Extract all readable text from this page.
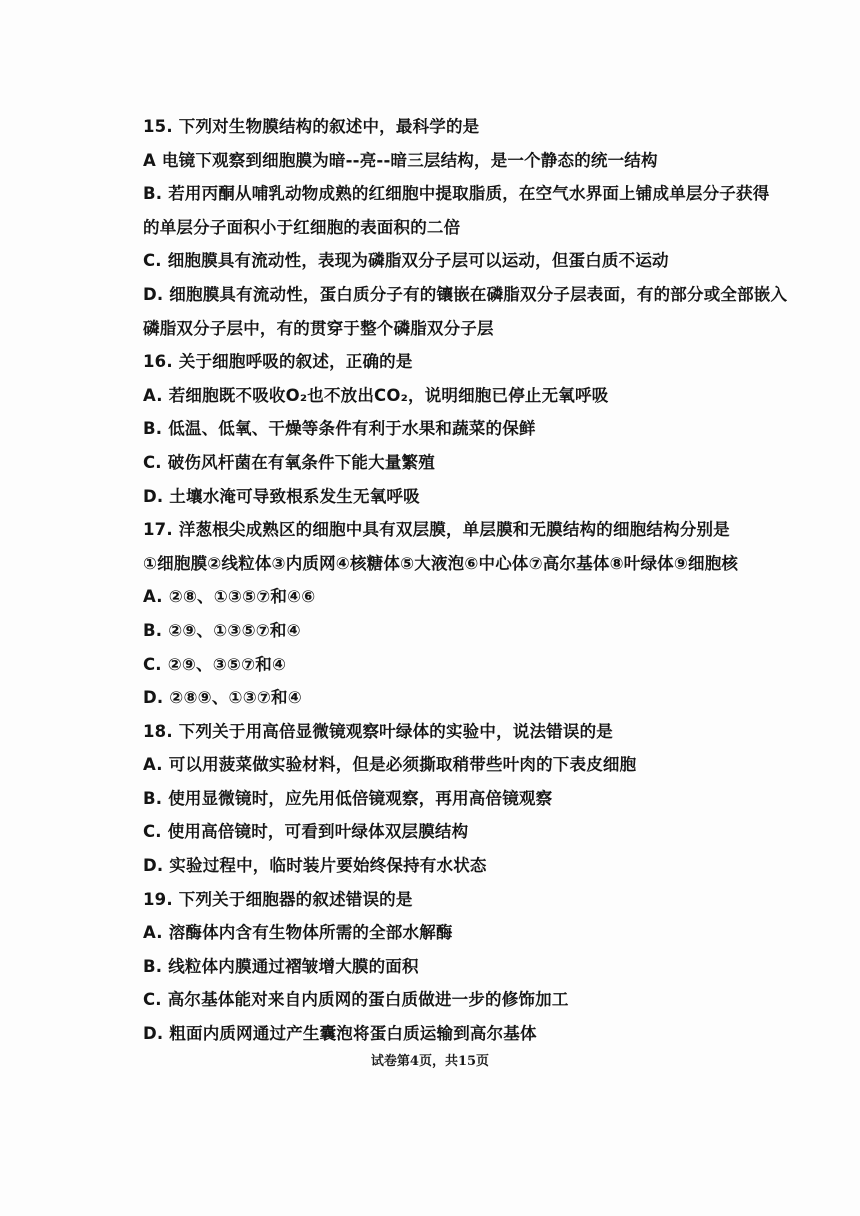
15. 下列对生物膜结构的叙述中，最科学的是
A 电镜下观察到细胞膜为暗--亮--暗三层结构，是一个静态的统一结构
B. 若用丙酮从哺乳动物成熟的红细胞中提取脂质，在空气水界面上铺成单层分子获得
的单层分子面积小于红细胞的表面积的二倍
C. 细胞膜具有流动性，表现为磷脂双分子层可以运动，但蛋白质不运动
D. 细胞膜具有流动性，蛋白质分子有的镶嵌在磷脂双分子层表面，有的部分或全部嵌入
磷脂双分子层中，有的贯穿于整个磷脂双分子层
16. 关于细胞呼吸的叙述，正确的是
A. 若细胞既不吸收O₂也不放出CO₂，说明细胞已停止无氧呼吸
B. 低温、低氧、干燥等条件有利于水果和蔬菜的保鲜
C. 破伤风杆菌在有氧条件下能大量繁殖
D. 土壤水淹可导致根系发生无氧呼吸
17. 洋葱根尖成熟区的细胞中具有双层膜，单层膜和无膜结构的细胞结构分别是
①细胞膜②线粒体③内质网④核糖体⑤大液泡⑥中心体⑦高尔基体⑧叶绿体⑨细胞核
A. ②⑧、①③⑤⑦和④⑥
B. ②⑨、①③⑤⑦和④
C. ②⑨、③⑤⑦和④
D. ②⑧⑨、①③⑦和④
18. 下列关于用高倍显微镜观察叶绿体的实验中，说法错误的是
A. 可以用菠菜做实验材料，但是必须撕取稍带些叶肉的下表皮细胞
B. 使用显微镜时，应先用低倍镜观察，再用高倍镜观察
C. 使用高倍镜时，可看到叶绿体双层膜结构
D. 实验过程中，临时装片要始终保持有水状态
19. 下列关于细胞器的叙述错误的是
A. 溶酶体内含有生物体所需的全部水解酶
B. 线粒体内膜通过褶皱增大膜的面积
C. 高尔基体能对来自内质网的蛋白质做进一步的修饰加工
D. 粗面内质网通过产生囊泡将蛋白质运输到高尔基体
试卷第4页，共15页
